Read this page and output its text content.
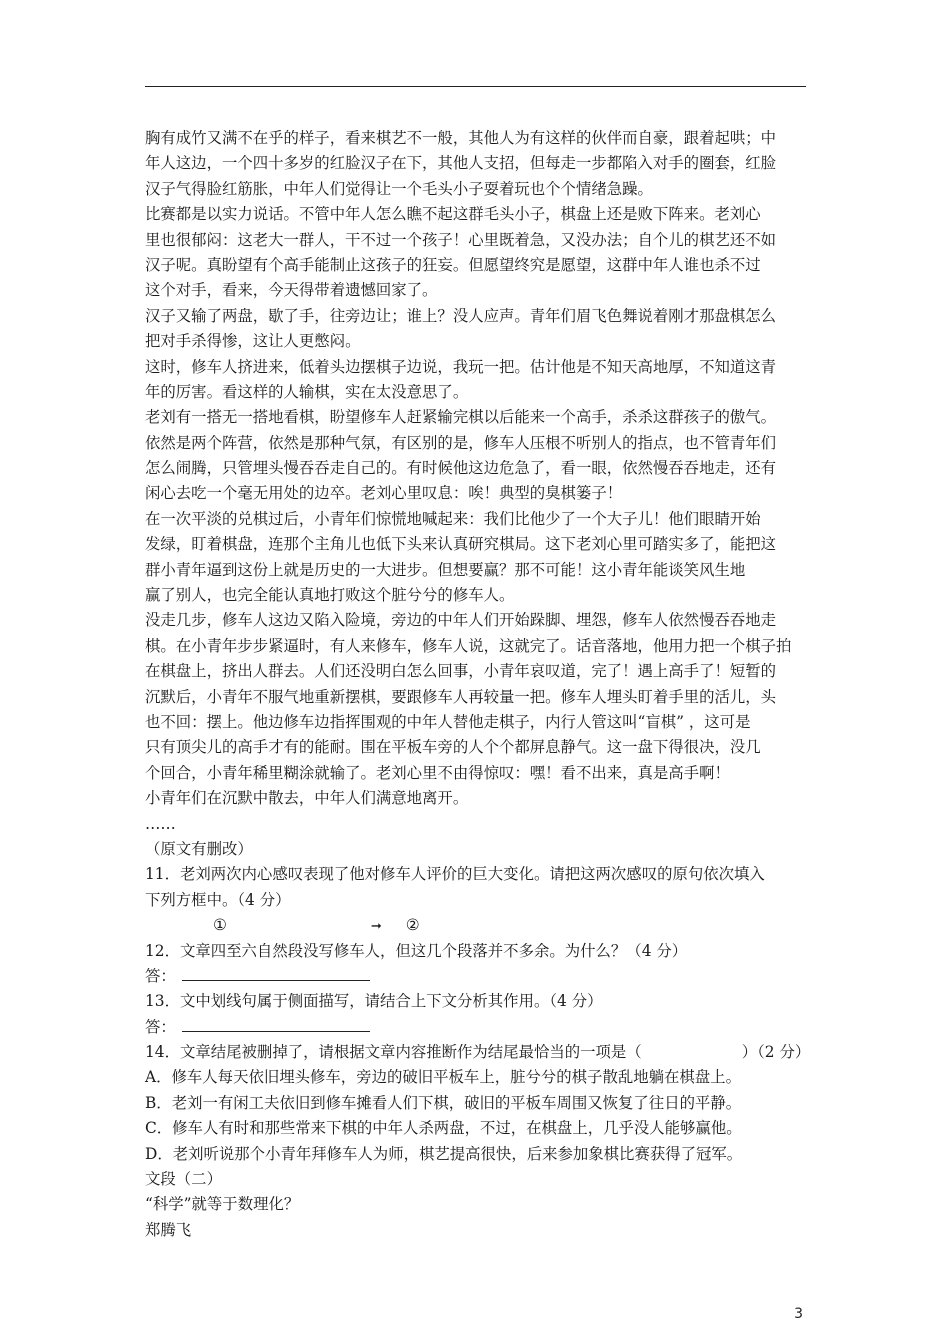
胸有成竹又满不在乎的样子，看来棋艺不一般，其他人为有这样的伙伴而自豪，跟着起哄；中
年人这边，一个四十多岁的红脸汉子在下，其他人支招，但每走一步都陷入对手的圈套，红脸
汉子气得脸红筋胀，中年人们觉得让一个毛头小子耍着玩也个个情绪急躁。
比赛都是以实力说话。不管中年人怎么瞧不起这群毛头小子，棋盘上还是败下阵来。老刘心
里也很郁闷：这老大一群人，干不过一个孩子！心里既着急，又没办法；自个儿的棋艺还不如
汉子呢。真盼望有个高手能制止这孩子的狂妄。但愿望终究是愿望，这群中年人谁也杀不过
这个对手，看来，今天得带着遗憾回家了。
汉子又输了两盘，歇了手，往旁边让；谁上？没人应声。青年们眉飞色舞说着刚才那盘棋怎么
把对手杀得惨，这让人更憋闷。
这时，修车人挤进来，低着头边摆棋子边说，我玩一把。估计他是不知天高地厚，不知道这青
年的厉害。看这样的人输棋，实在太没意思了。
老刘有一搭无一搭地看棋，盼望修车人赶紧输完棋以后能来一个高手，杀杀这群孩子的傲气。
依然是两个阵营，依然是那种气氛，有区别的是，修车人压根不听别人的指点，也不管青年们
怎么闹腾，只管埋头慢吞吞走自己的。有时候他这边危急了，看一眼，依然慢吞吞地走，还有
闲心去吃一个毫无用处的边卒。老刘心里叹息：唉！典型的臭棋篓子！
在一次平淡的兑棋过后，小青年们惊慌地喊起来：我们比他少了一个大子儿！他们眼睛开始
发绿，盯着棋盘，连那个主角儿也低下头来认真研究棋局。这下老刘心里可踏实多了，能把这
群小青年逼到这份上就是历史的一大进步。但想要赢？那不可能！这小青年能谈笑风生地
赢了别人，也完全能认真地打败这个脏兮兮的修车人。
没走几步，修车人这边又陷入险境，旁边的中年人们开始跺脚、埋怨，修车人依然慢吞吞地走
棋。在小青年步步紧逼时，有人来修车，修车人说，这就完了。话音落地，他用力把一个棋子拍
在棋盘上，挤出人群去。人们还没明白怎么回事，小青年哀叹道，完了！遇上高手了！短暂的
沉默后，小青年不服气地重新摆棋，要跟修车人再较量一把。修车人埋头盯着手里的活儿，头
也不回：摆上。他边修车边指挥围观的中年人替他走棋子，内行人管这叫“盲棋” ，这可是
只有顶尖儿的高手才有的能耐。围在平板车旁的人个个都屏息静气。这一盘下得很决，没几
个回合，小青年稀里糊涂就输了。老刘心里不由得惊叹：嘿！看不出来，真是高手啊！
小青年们在沉默中散去，中年人们满意地离开。
……
（原文有删改）
11．老刘两次内心感叹表现了他对修车人评价的巨大变化。请把这两次感叹的原句依次填入
下列方框中。（4 分）
①	➞ ②
12．文章四至六自然段没写修车人，但这几个段落并不多余。为什么？（4 分）
答：
13．文中划线句属于侧面描写，请结合上下文分析其作用。（4 分）
答：
14．文章结尾被删掉了，请根据文章内容推断作为结尾最恰当的一项是（	）（2 分）
A．修车人每天依旧埋头修车，旁边的破旧平板车上，脏兮兮的棋子散乱地躺在棋盘上。
B．老刘一有闲工夫依旧到修车摊看人们下棋，破旧的平板车周围又恢复了往日的平静。
C．修车人有时和那些常来下棋的中年人杀两盘，不过，在棋盘上，几乎没人能够赢他。
D．老刘听说那个小青年拜修车人为师，棋艺提高很快，后来参加象棋比赛获得了冠军。
文段（二）
“科学”就等于数理化？
郑腾飞
3
